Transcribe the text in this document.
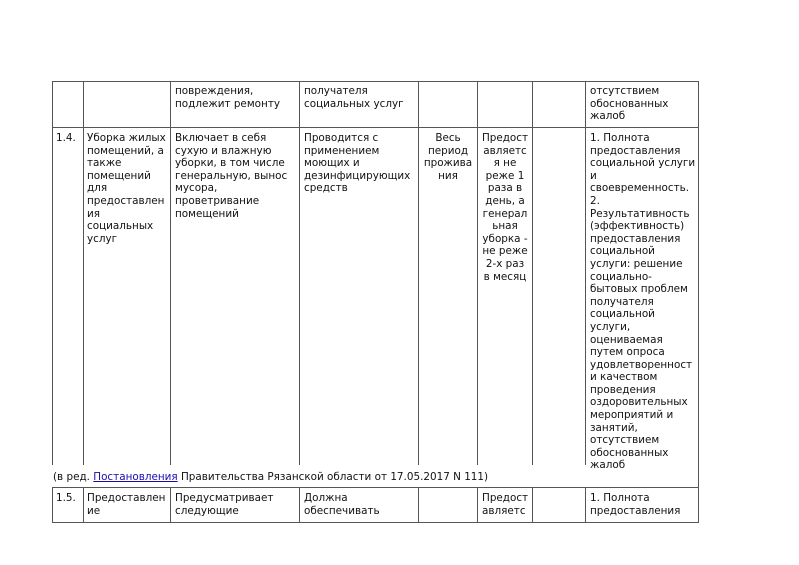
повреждения,
подлежит ремонту
получателя
социальных услуг
отсутствием
обоснованных
жалоб
1.4.	Уборка жилых
помещений, а
также
помещений
для
предоставлен
ия
социальных
услуг
Включает в себя
сухую и влажную
уборки, в том числе
генеральную, вынос
мусора,
проветривание
помещений
Проводится с
применением
моющих и
дезинфицирующих
средств
Весь
период
прожива
ния
Предост
авляетс
я не
реже 1
раза в
день, а
генерал
ьная
уборка -
не реже
2-х раз
в месяц
1. Полнота
предоставления
социальной услуги
и
своевременность.
2.
Результативность
(эффективность)
предоставления
социальной
услуги: решение
социально-
бытовых проблем
получателя
социальной
услуги,
оцениваемая
путем опроса
удовлетворенност
и качеством
проведения
оздоровительных
мероприятий и
занятий,
отсутствием
обоснованных
жалоб
(в ред. Постановления Правительства Рязанской области от 17.05.2017 N 111)
1.5.	Предоставлен
ие
Предусматривает
следующие
Должна
обеспечивать
Предост
авляетс
1. Полнота
предоставления
